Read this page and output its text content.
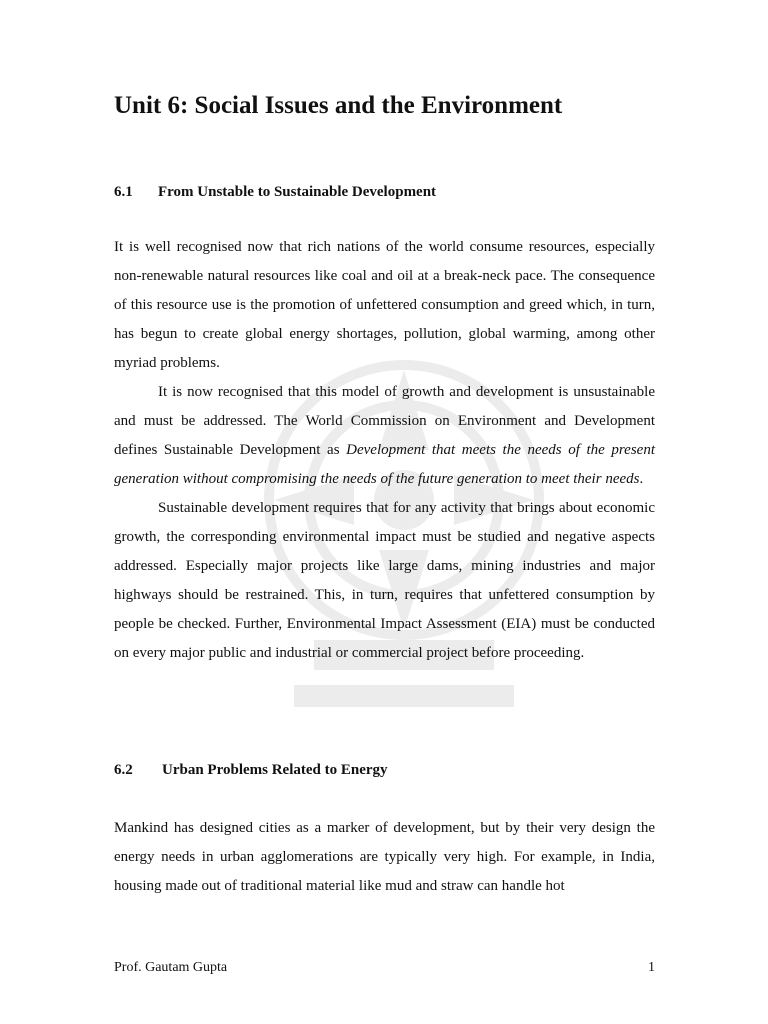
Unit 6: Social Issues and the Environment
6.1 From Unstable to Sustainable Development

It is well recognised now that rich nations of the world consume resources, especially non-renewable natural resources like coal and oil at a break-neck pace. The consequence of this resource use is the promotion of unfettered consumption and greed which, in turn, has begun to create global energy shortages, pollution, global warming, among other myriad problems.

It is now recognised that this model of growth and development is unsustainable and must be addressed. The World Commission on Environment and Development defines Sustainable Development as Development that meets the needs of the present generation without compromising the needs of the future generation to meet their needs.

Sustainable development requires that for any activity that brings about economic growth, the corresponding environmental impact must be studied and negative aspects addressed. Especially major projects like large dams, mining industries and major highways should be restrained. This, in turn, requires that unfettered consumption by people be checked. Further, Environmental Impact Assessment (EIA) must be conducted on every major public and industrial or commercial project before proceeding.

6.2 Urban Problems Related to Energy

Mankind has designed cities as a marker of development, but by their very design the energy needs in urban agglomerations are typically very high. For example, in India, housing made out of traditional material like mud and straw can handle hot

Prof. Gautam Gupta	1
